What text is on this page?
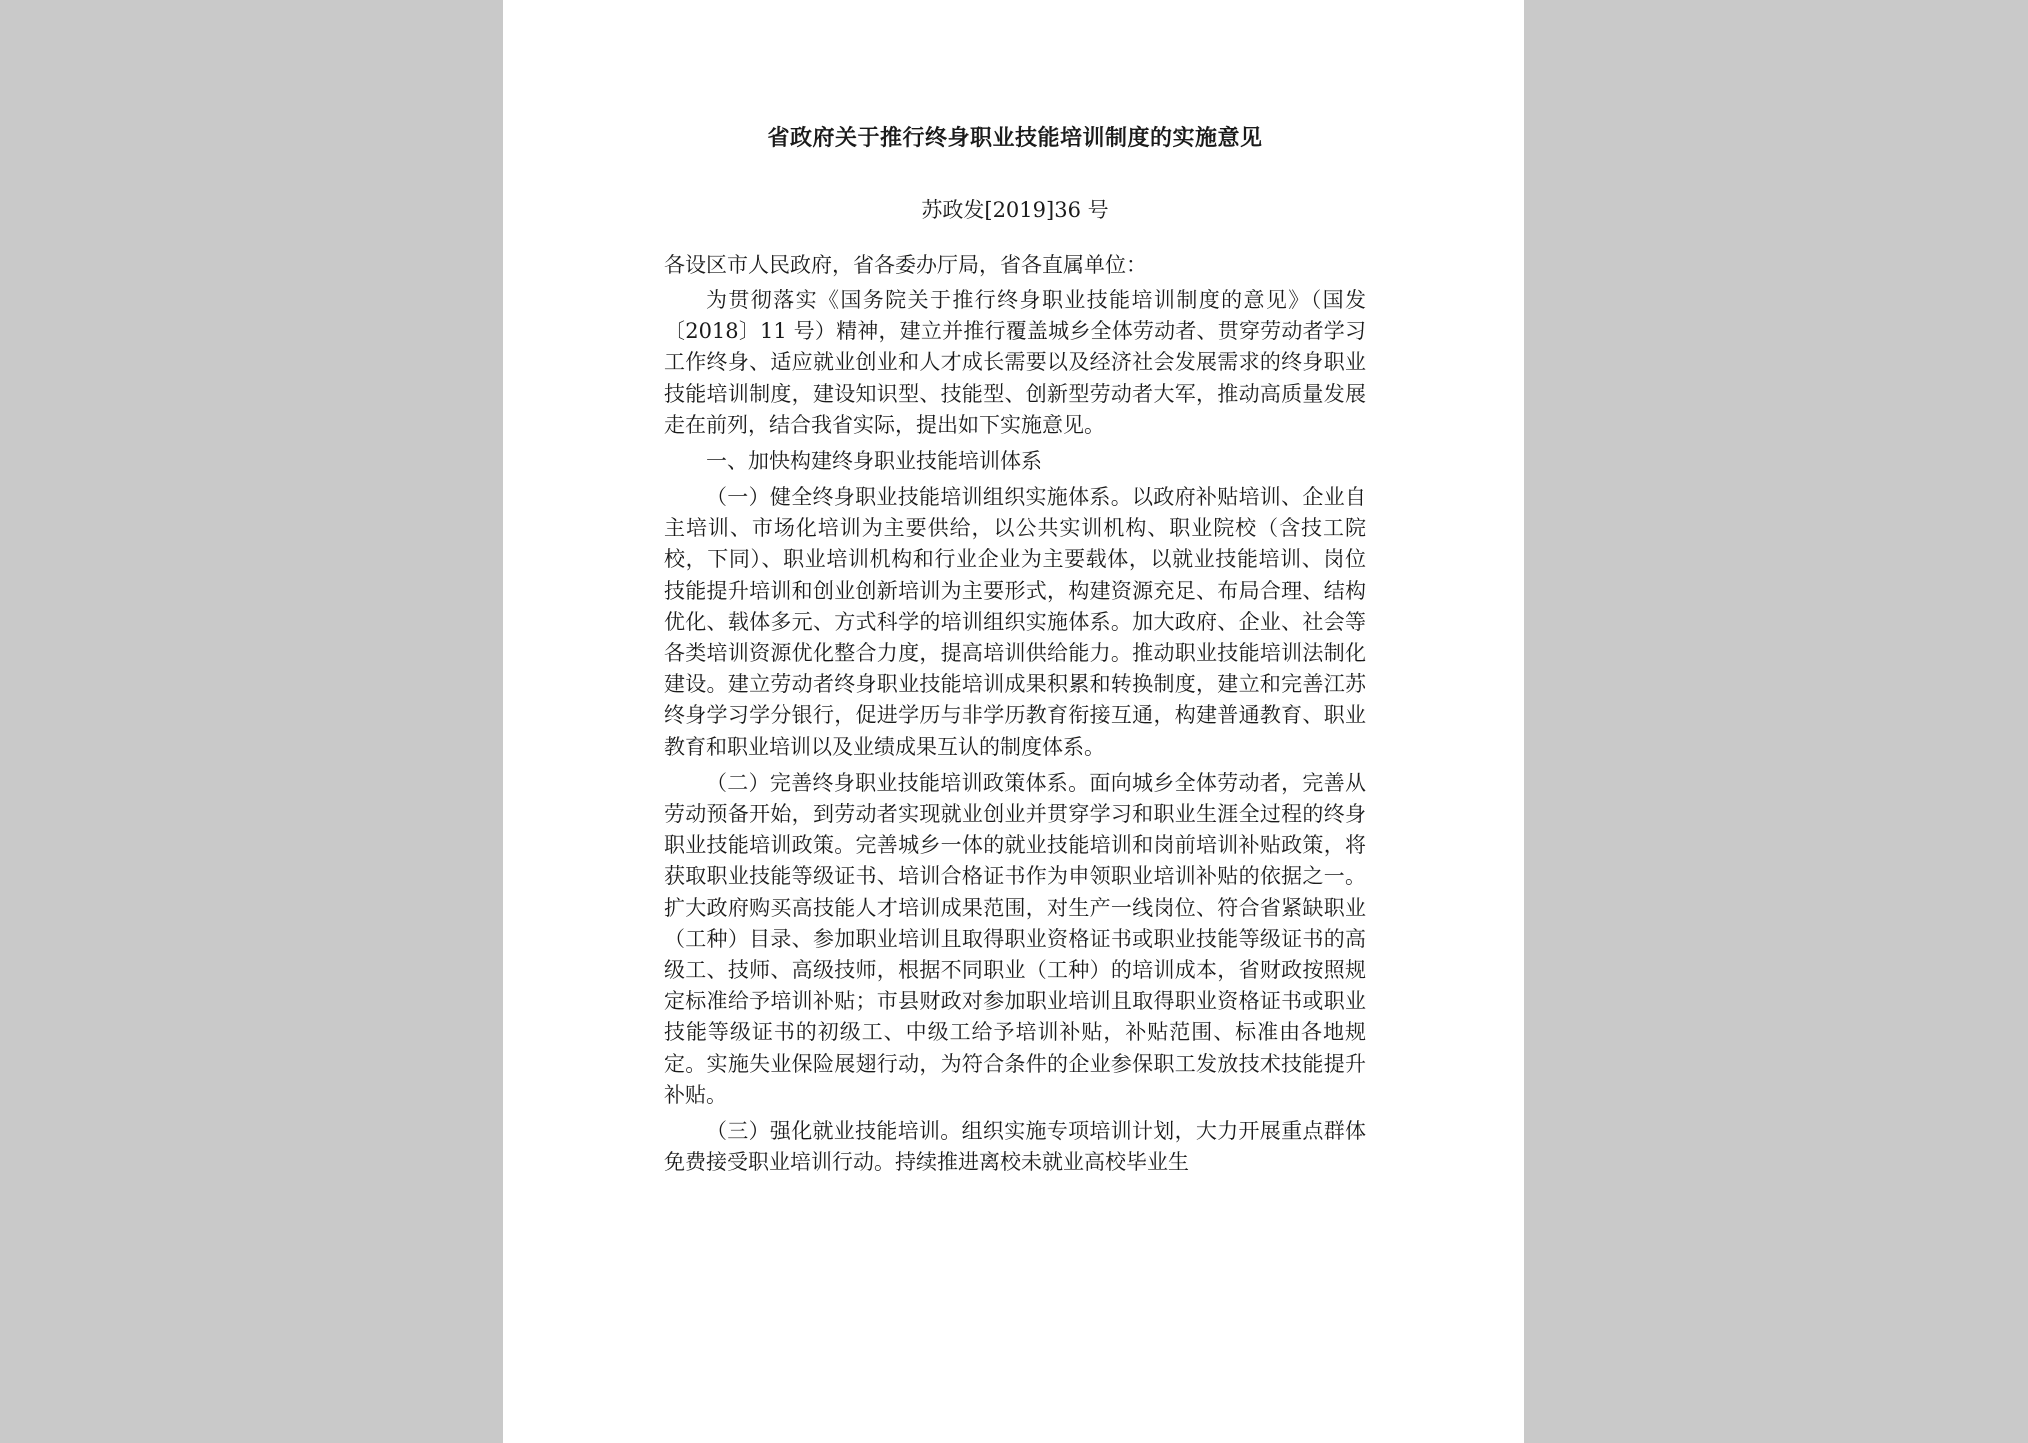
省政府关于推行终身职业技能培训制度的实施意见
苏政发[2019]36 号
各设区市人民政府，省各委办厅局，省各直属单位：

为贯彻落实《国务院关于推行终身职业技能培训制度的意见》（国发〔2018〕11 号）精神，建立并推行覆盖城乡全体劳动者、贯穿劳动者学习工作终身、适应就业创业和人才成长需要以及经济社会发展需求的终身职业技能培训制度，建设知识型、技能型、创新型劳动者大军，推动高质量发展走在前列，结合我省实际，提出如下实施意见。

一、加快构建终身职业技能培训体系

（一）健全终身职业技能培训组织实施体系。以政府补贴培训、企业自主培训、市场化培训为主要供给，以公共实训机构、职业院校（含技工院校，下同）、职业培训机构和行业企业为主要载体，以就业技能培训、岗位技能提升培训和创业创新培训为主要形式，构建资源充足、布局合理、结构优化、载体多元、方式科学的培训组织实施体系。加大政府、企业、社会等各类培训资源优化整合力度，提高培训供给能力。推动职业技能培训法制化建设。建立劳动者终身职业技能培训成果积累和转换制度，建立和完善江苏终身学习学分银行，促进学历与非学历教育衔接互通，构建普通教育、职业教育和职业培训以及业绩成果互认的制度体系。

（二）完善终身职业技能培训政策体系。面向城乡全体劳动者，完善从劳动预备开始，到劳动者实现就业创业并贯穿学习和职业生涯全过程的终身职业技能培训政策。完善城乡一体的就业技能培训和岗前培训补贴政策，将获取职业技能等级证书、培训合格证书作为申领职业培训补贴的依据之一。扩大政府购买高技能人才培训成果范围，对生产一线岗位、符合省紧缺职业（工种）目录、参加职业培训且取得职业资格证书或职业技能等级证书的高级工、技师、高级技师，根据不同职业（工种）的培训成本，省财政按照规定标准给予培训补贴；市县财政对参加职业培训且取得职业资格证书或职业技能等级证书的初级工、中级工给予培训补贴，补贴范围、标准由各地规定。实施失业保险展翅行动，为符合条件的企业参保职工发放技术技能提升补贴。

（三）强化就业技能培训。组织实施专项培训计划，大力开展重点群体免费接受职业培训行动。持续推进离校未就业高校毕业生
